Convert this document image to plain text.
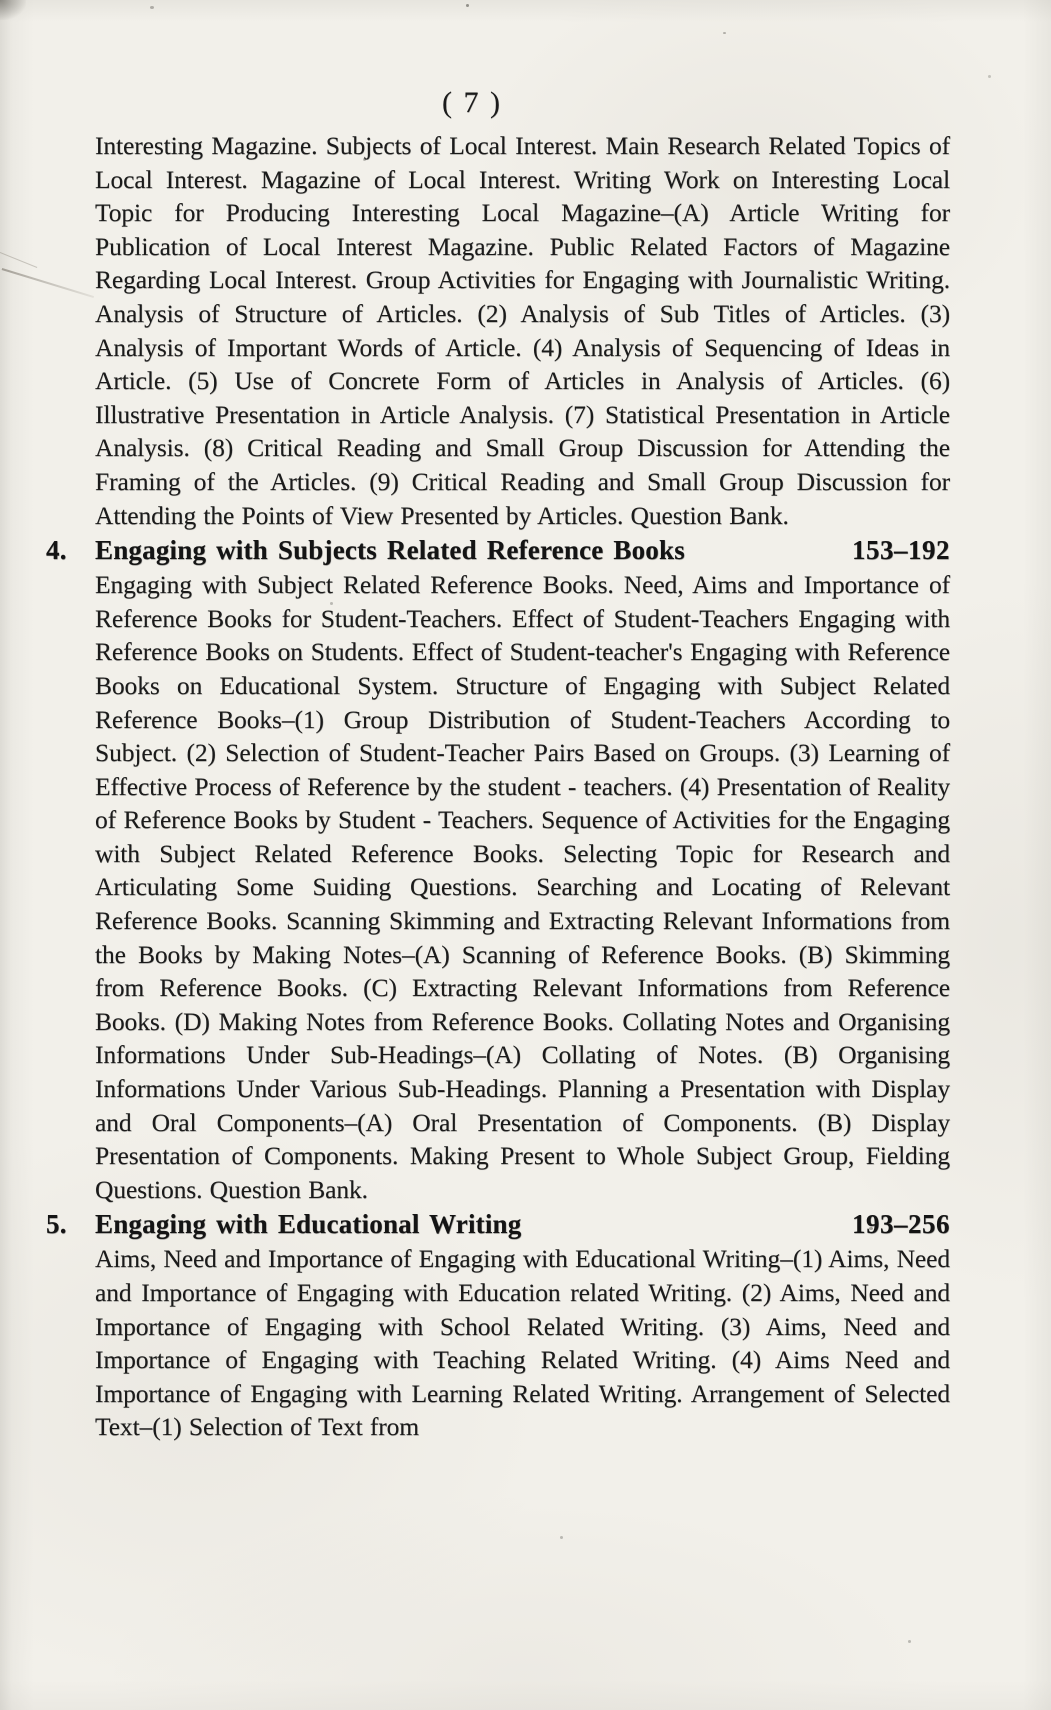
( 7 )

Interesting Magazine. Subjects of Local Interest. Main Research Related Topics of Local Interest. Magazine of Local Interest. Writing Work on Interesting Local Topic for Producing Interesting Local Magazine–(A) Article Writing for Publication of Local Interest Magazine. Public Related Factors of Magazine Regarding Local Interest. Group Activities for Engaging with Journalistic Writing. Analysis of Structure of Articles. (2) Analysis of Sub Titles of Articles. (3) Analysis of Important Words of Article. (4) Analysis of Sequencing of Ideas in Article. (5) Use of Concrete Form of Articles in Analysis of Articles. (6) Illustrative Presentation in Article Analysis. (7) Statistical Presentation in Article Analysis. (8) Critical Reading and Small Group Discussion for Attending the Framing of the Articles. (9) Critical Reading and Small Group Discussion for Attending the Points of View Presented by Articles. Question Bank.

4.	Engaging with Subjects Related Reference Books	153–192

Engaging with Subject Related Reference Books. Need, Aims and Importance of Reference Books for Student-Teachers. Effect of Student-Teachers Engaging with Reference Books on Students. Effect of Student-teacher's Engaging with Reference Books on Educational System. Structure of Engaging with Subject Related Reference Books–(1) Group Distribution of Student-Teachers According to Subject. (2) Selection of Student-Teacher Pairs Based on Groups. (3) Learning of Effective Process of Reference by the student - teachers. (4) Presentation of Reality of Reference Books by Student - Teachers. Sequence of Activities for the Engaging with Subject Related Reference Books. Selecting Topic for Research and Articulating Some Suiding Questions. Searching and Locating of Relevant Reference Books. Scanning Skimming and Extracting Relevant Informations from the Books by Making Notes–(A) Scanning of Reference Books. (B) Skimming from Reference Books. (C) Extracting Relevant Informations from Reference Books. (D) Making Notes from Reference Books. Collating Notes and Organising Informations Under Sub-Headings–(A) Collating of Notes. (B) Organising Informations Under Various Sub-Headings. Planning a Presentation with Display and Oral Components–(A) Oral Presentation of Components. (B) Display Presentation of Components. Making Present to Whole Subject Group, Fielding Questions. Question Bank.

5.	Engaging with Educational Writing	193–256

Aims, Need and Importance of Engaging with Educational Writing–(1) Aims, Need and Importance of Engaging with Education related Writing. (2) Aims, Need and Importance of Engaging with School Related Writing. (3) Aims, Need and Importance of Engaging with Teaching Related Writing. (4) Aims Need and Importance of Engaging with Learning Related Writing. Arrangement of Selected Text–(1) Selection of Text from
